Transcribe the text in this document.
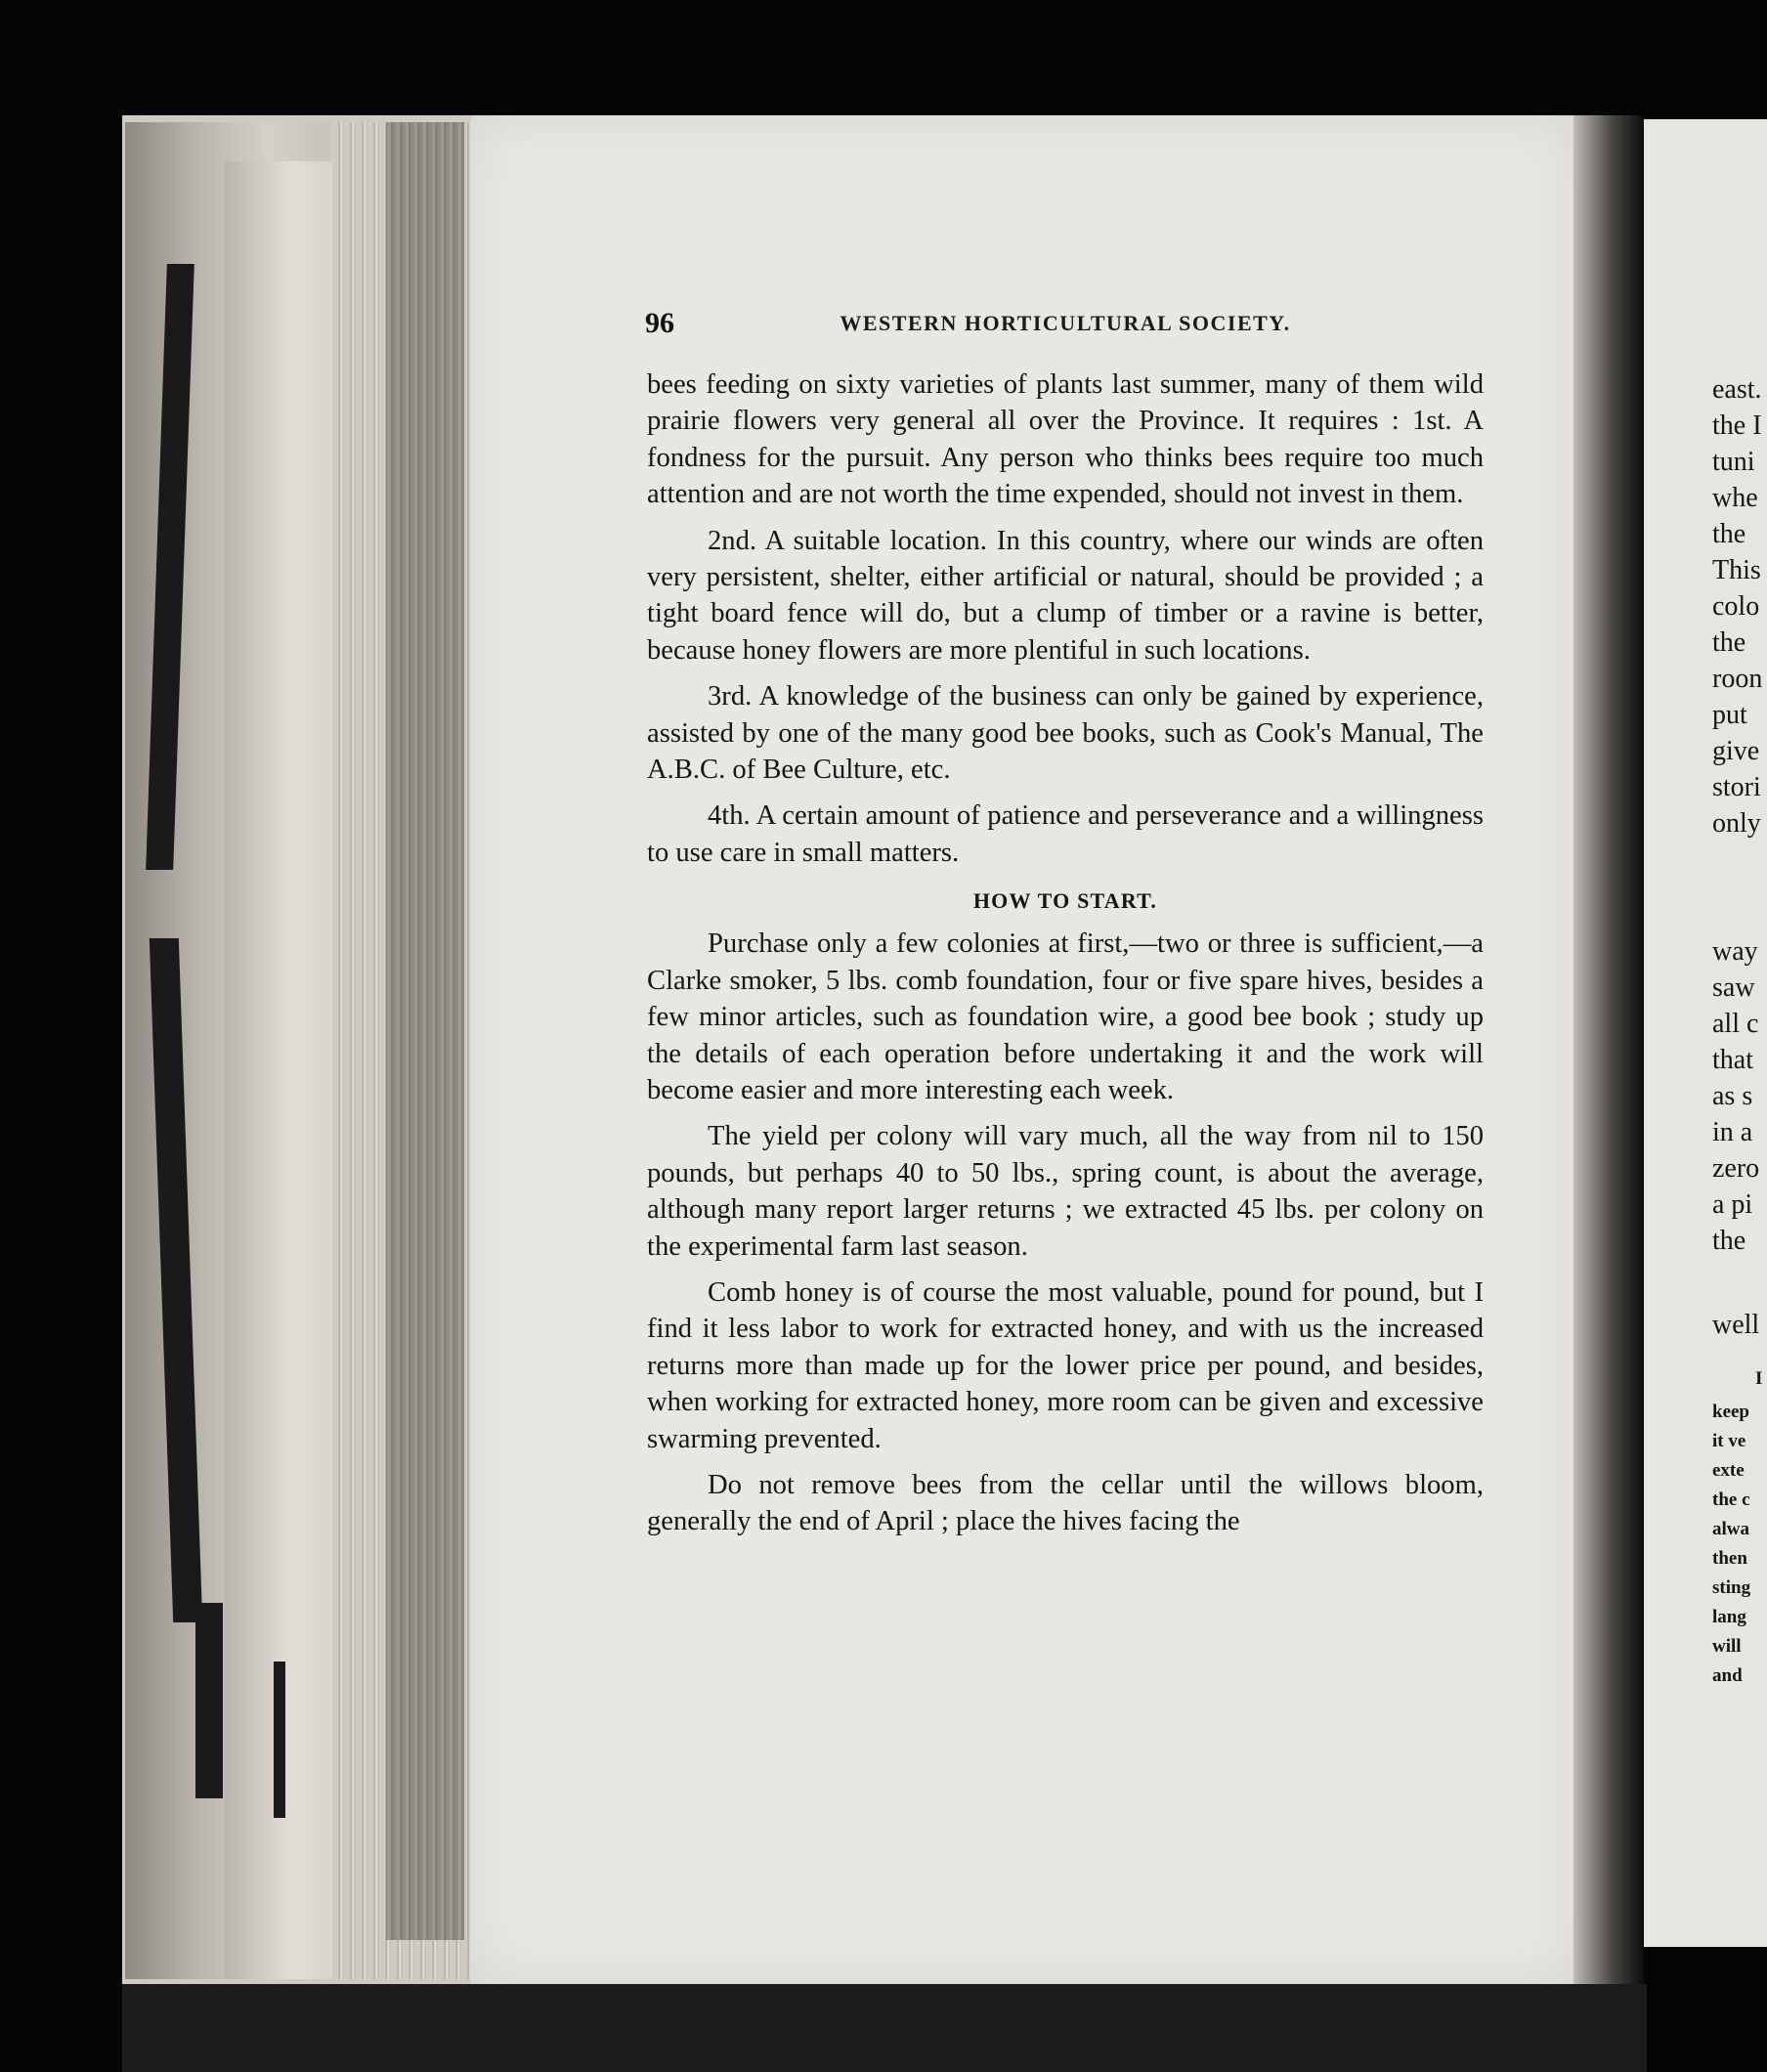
96	WESTERN HORTICULTURAL SOCIETY.

bees feeding on sixty varieties of plants last summer, many of them wild prairie flowers very general all over the Province. It requires : 1st. A fondness for the pursuit. Any person who thinks bees require too much attention and are not worth the time expended, should not invest in them.

2nd. A suitable location. In this country, where our winds are often very persistent, shelter, either artificial or natural, should be provided ; a tight board fence will do, but a clump of timber or a ravine is better, because honey flowers are more plentiful in such locations.

3rd. A knowledge of the business can only be gained by experience, assisted by one of the many good bee books, such as Cook's Manual, The A.B.C. of Bee Culture, etc.

4th. A certain amount of patience and perseverance and a willingness to use care in small matters.

HOW TO START.

Purchase only a few colonies at first,—two or three is sufficient,—a Clarke smoker, 5 lbs. comb foundation, four or five spare hives, besides a few minor articles, such as foundation wire, a good bee book ; study up the details of each operation before undertaking it and the work will become easier and more interesting each week.

The yield per colony will vary much, all the way from nil to 150 pounds, but perhaps 40 to 50 lbs., spring count, is about the average, although many report larger returns ; we extracted 45 lbs. per colony on the experimental farm last season.

Comb honey is of course the most valuable, pound for pound, but I find it less labor to work for extracted honey, and with us the increased returns more than made up for the lower price per pound, and besides, when working for extracted honey, more room can be given and excessive swarming prevented.

Do not remove bees from the cellar until the willows bloom, generally the end of April ; place the hives facing the

east.
the I
tuni
whe
the
This
colo
the
roon
put
give
stori
only
way
saw
all c
that
as s
in a
zero
a pi
the
well
I
keep
it ve
exte
the c
alwa
then
sting
lang
will
and
